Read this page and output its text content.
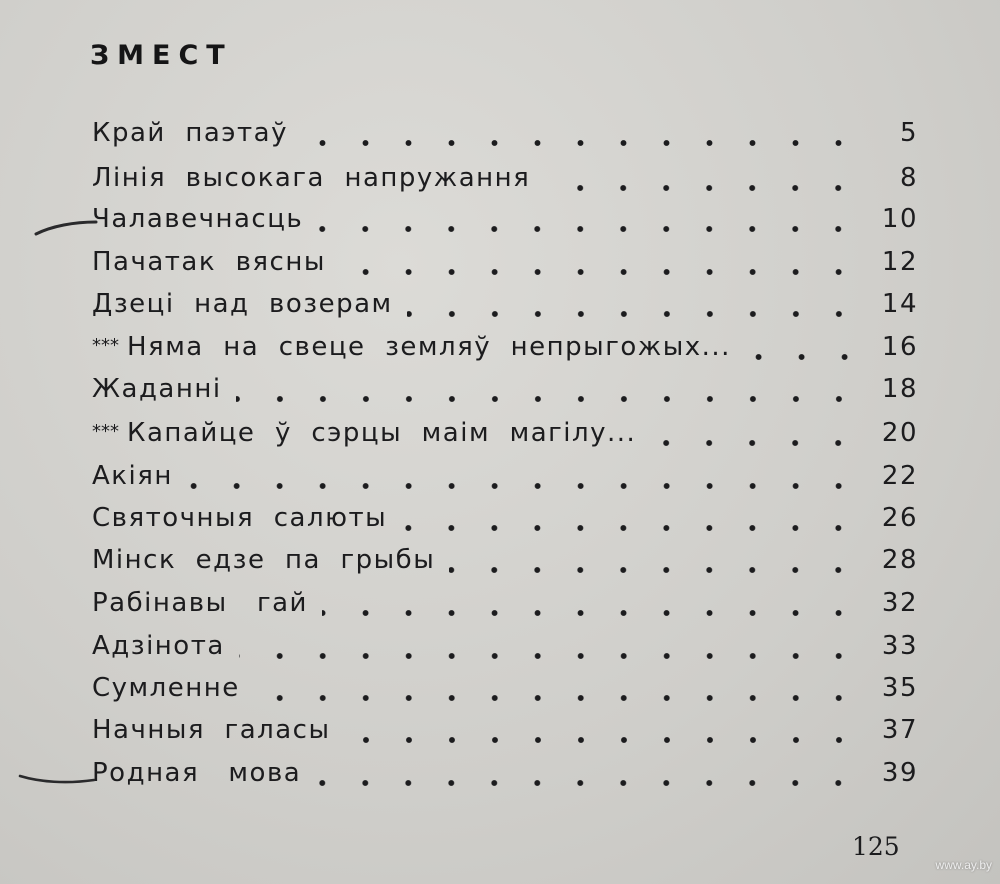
ЗМЕСТ
Край  паэтаў	5
Лінія  высокага  напружання	8
Чалавечнасць	10
Пачатак  вясны	12
Дзеці  над  возерам	14
*** Няма  на  свеце  земляў  непрыгожых...	16
Жаданні	18
*** Капайце  ў  сэрцы  маім  магілу...	20
Акіян	22
Святочныя  салюты	26
Мінск  едзе  па  грыбы	28
Рабінавы   гай	32
Адзінота	33
Сумленне	35
Начныя  галасы	37
Родная   мова	39
125
www.ay.by
